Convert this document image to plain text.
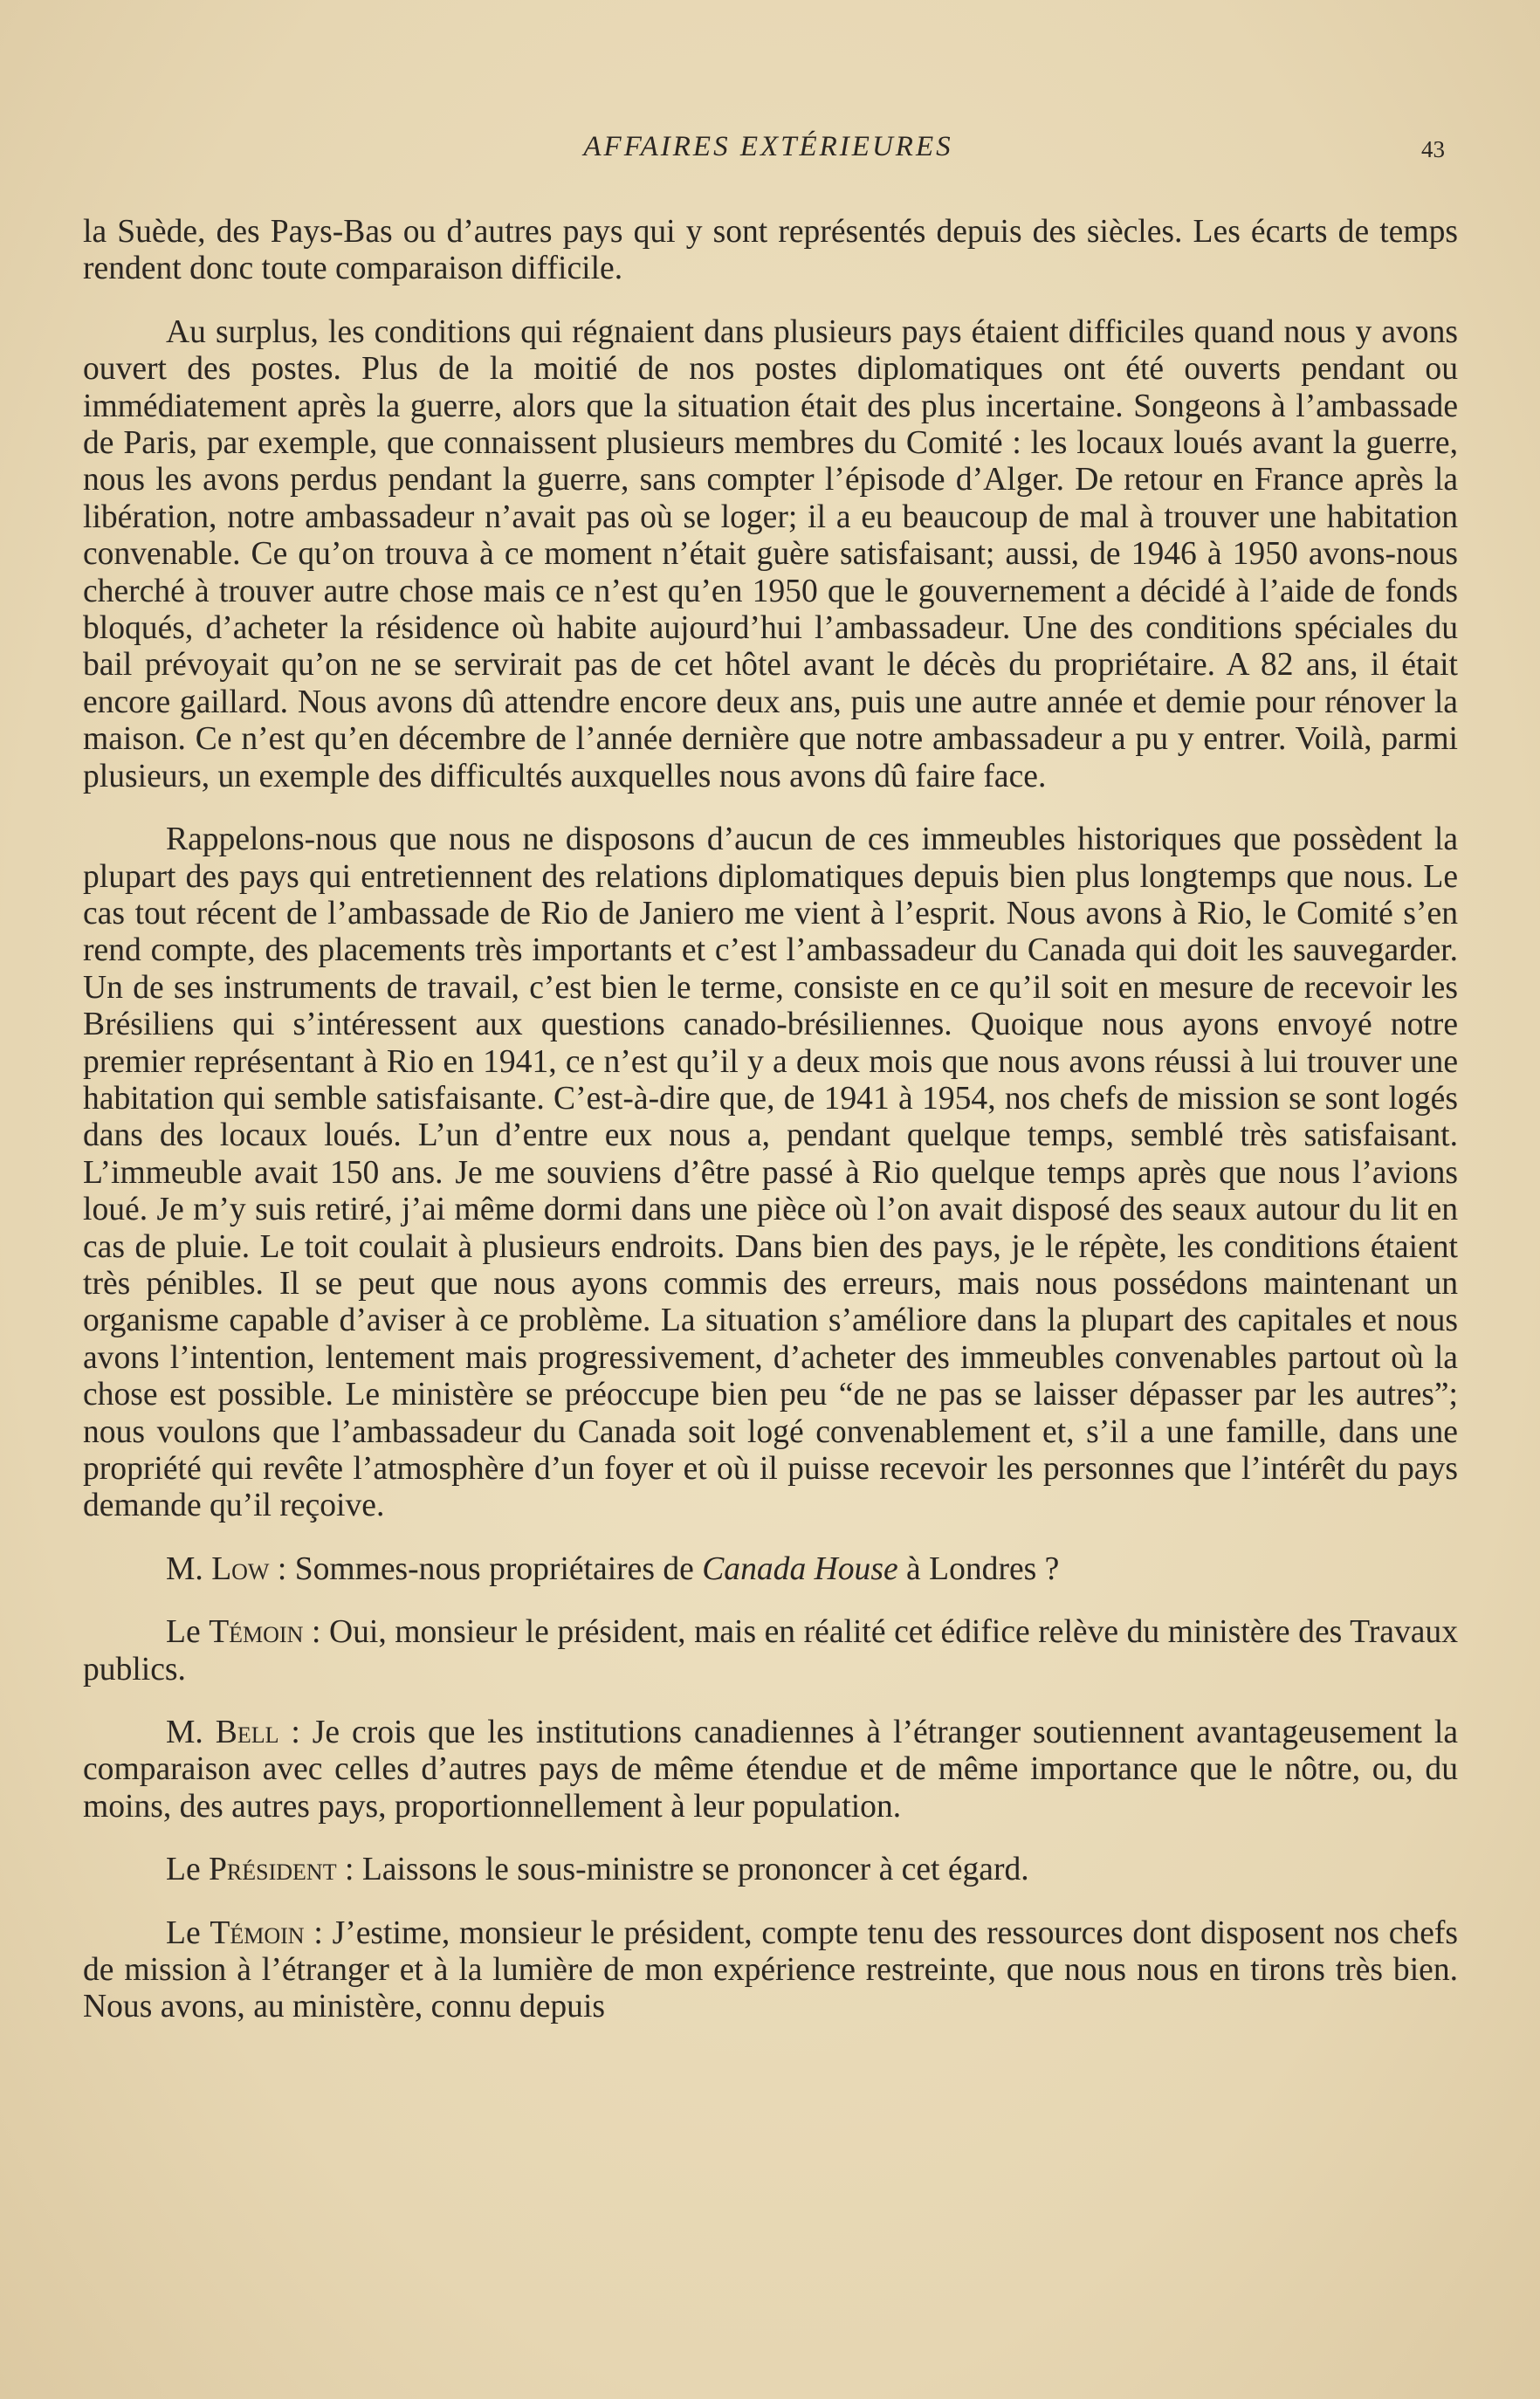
AFFAIRES EXTÉRIEURES	43

la Suède, des Pays-Bas ou d’autres pays qui y sont représentés depuis des siècles. Les écarts de temps rendent donc toute comparaison difficile.

Au surplus, les conditions qui régnaient dans plusieurs pays étaient difficiles quand nous y avons ouvert des postes. Plus de la moitié de nos postes diplomatiques ont été ouverts pendant ou immédiatement après la guerre, alors que la situation était des plus incertaine. Songeons à l’ambassade de Paris, par exemple, que connaissent plusieurs membres du Comité : les locaux loués avant la guerre, nous les avons perdus pendant la guerre, sans compter l’épisode d’Alger. De retour en France après la libération, notre ambassadeur n’avait pas où se loger; il a eu beaucoup de mal à trouver une habitation convenable. Ce qu’on trouva à ce moment n’était guère satisfaisant; aussi, de 1946 à 1950 avons-nous cherché à trouver autre chose mais ce n’est qu’en 1950 que le gouvernement a décidé à l’aide de fonds bloqués, d’acheter la résidence où habite aujourd’hui l’ambassadeur. Une des conditions spéciales du bail prévoyait qu’on ne se servirait pas de cet hôtel avant le décès du propriétaire. A 82 ans, il était encore gaillard. Nous avons dû attendre encore deux ans, puis une autre année et demie pour rénover la maison. Ce n’est qu’en décembre de l’année dernière que notre ambassadeur a pu y entrer. Voilà, parmi plusieurs, un exemple des difficultés auxquelles nous avons dû faire face.

Rappelons-nous que nous ne disposons d’aucun de ces immeubles historiques que possèdent la plupart des pays qui entretiennent des relations diplomatiques depuis bien plus longtemps que nous. Le cas tout récent de l’ambassade de Rio de Janiero me vient à l’esprit. Nous avons à Rio, le Comité s’en rend compte, des placements très importants et c’est l’ambassadeur du Canada qui doit les sauvegarder. Un de ses instruments de travail, c’est bien le terme, consiste en ce qu’il soit en mesure de recevoir les Brésiliens qui s’intéressent aux questions canado-brésiliennes. Quoique nous ayons envoyé notre premier représentant à Rio en 1941, ce n’est qu’il y a deux mois que nous avons réussi à lui trouver une habitation qui semble satisfaisante. C’est-à-dire que, de 1941 à 1954, nos chefs de mission se sont logés dans des locaux loués. L’un d’entre eux nous a, pendant quelque temps, semblé très satisfaisant. L’immeuble avait 150 ans. Je me souviens d’être passé à Rio quelque temps après que nous l’avions loué. Je m’y suis retiré, j’ai même dormi dans une pièce où l’on avait disposé des seaux autour du lit en cas de pluie. Le toit coulait à plusieurs endroits. Dans bien des pays, je le répète, les conditions étaient très pénibles. Il se peut que nous ayons commis des erreurs, mais nous possédons maintenant un organisme capable d’aviser à ce problème. La situation s’améliore dans la plupart des capitales et nous avons l’intention, lentement mais progressivement, d’acheter des immeubles convenables partout où la chose est possible. Le ministère se préoccupe bien peu “de ne pas se laisser dépasser par les autres”; nous voulons que l’ambassadeur du Canada soit logé convenablement et, s’il a une famille, dans une propriété qui revête l’atmosphère d’un foyer et où il puisse recevoir les personnes que l’intérêt du pays demande qu’il reçoive.

M. Low : Sommes-nous propriétaires de Canada House à Londres ?

Le Témoin : Oui, monsieur le président, mais en réalité cet édifice relève du ministère des Travaux publics.

M. Bell : Je crois que les institutions canadiennes à l’étranger soutiennent avantageusement la comparaison avec celles d’autres pays de même étendue et de même importance que le nôtre, ou, du moins, des autres pays, proportionnellement à leur population.

Le Président : Laissons le sous-ministre se prononcer à cet égard.

Le Témoin : J’estime, monsieur le président, compte tenu des ressources dont disposent nos chefs de mission à l’étranger et à la lumière de mon expérience restreinte, que nous nous en tirons très bien. Nous avons, au ministère, connu depuis
